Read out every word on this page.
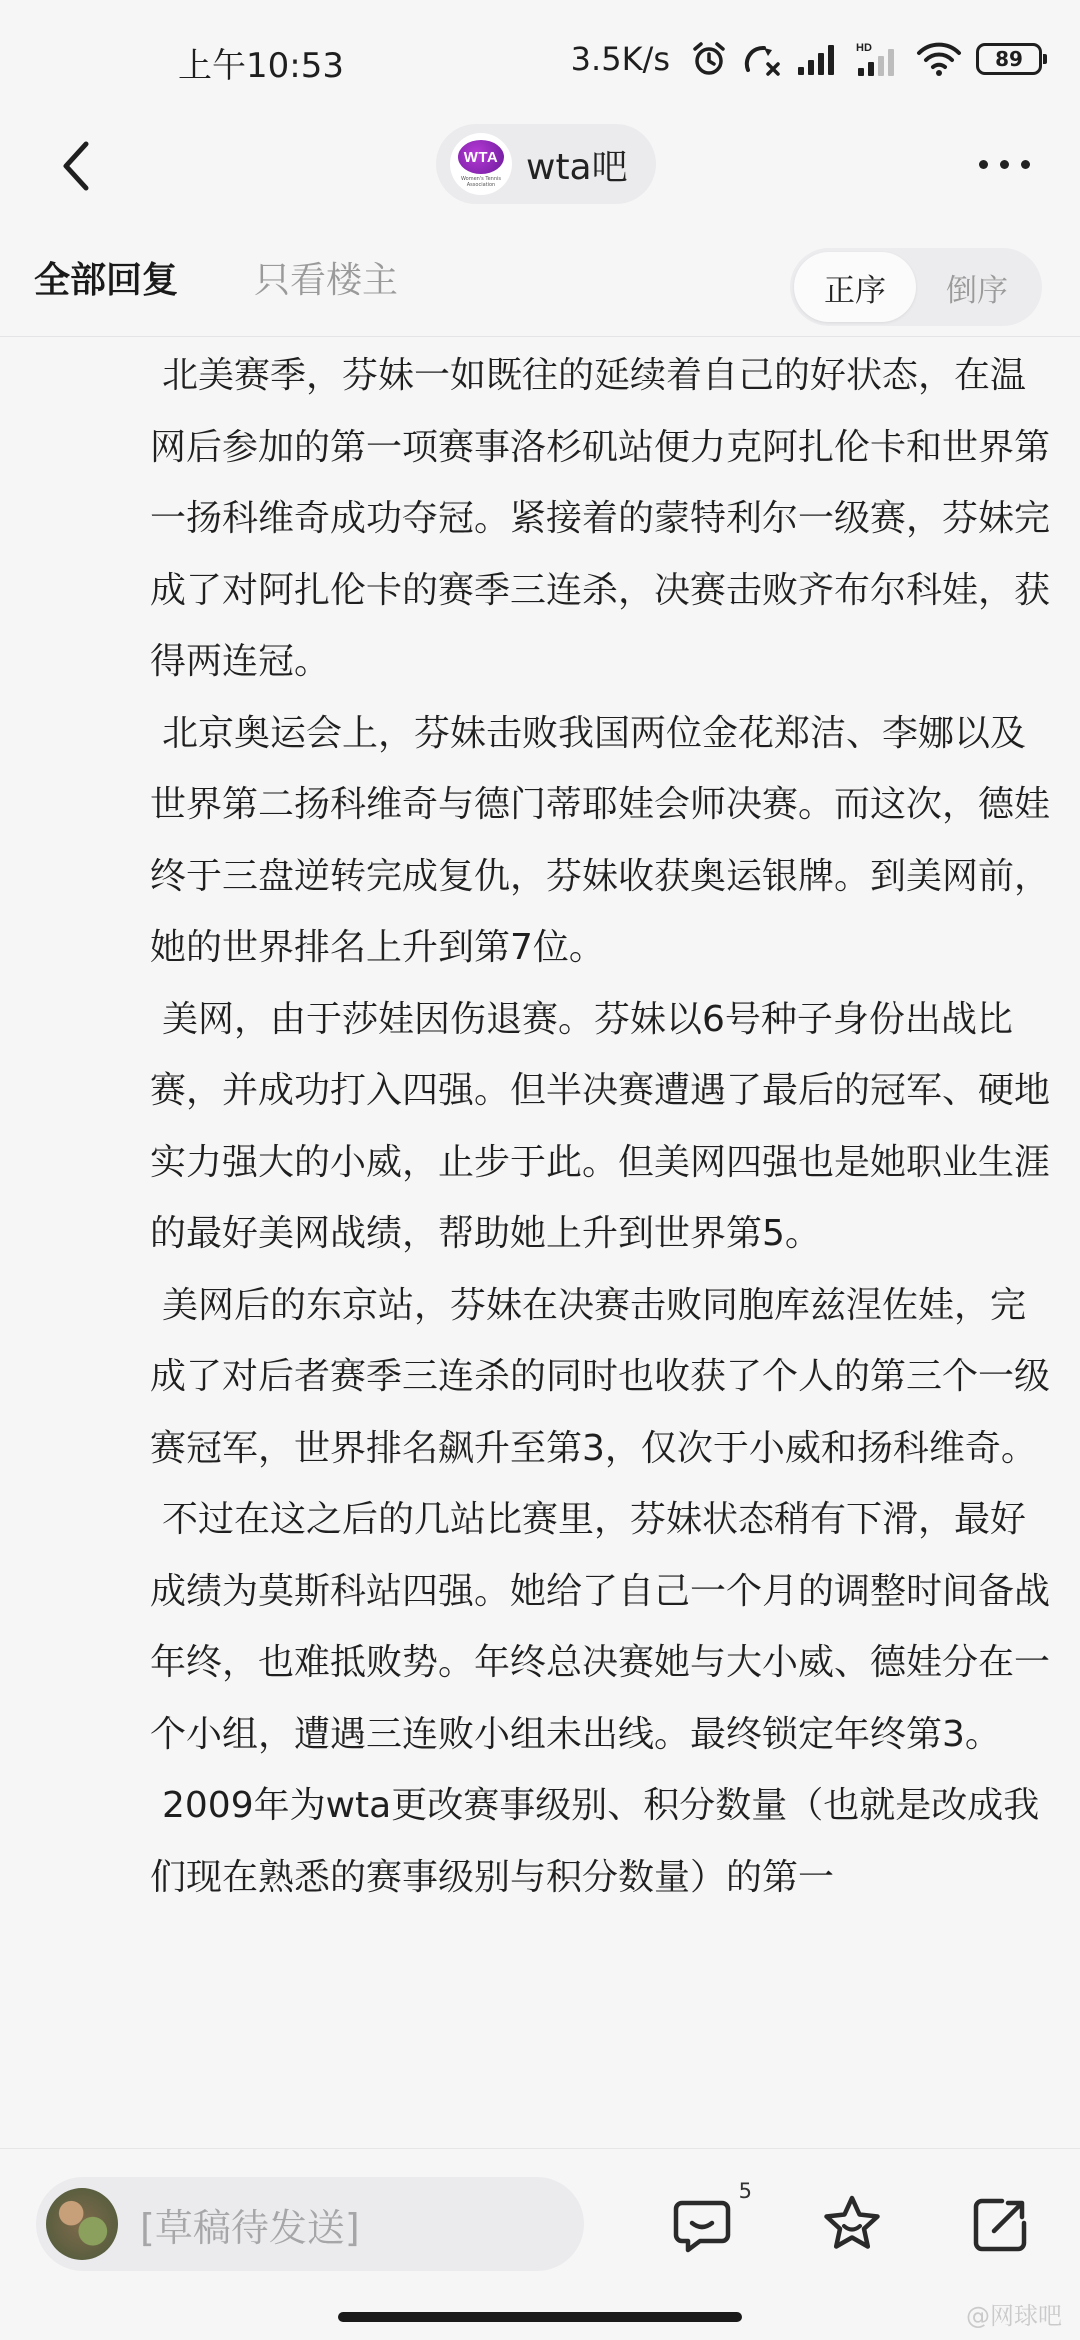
上午10:53	3.5K/s	HD	89
WTA
Women's Tennis Association wta吧
全部回复 只看楼主	正序	倒序

北美赛季，芬妹一如既往的延续着自己的好状态，在温网后参加的第一项赛事洛杉矶站便力克阿扎伦卡和世界第一扬科维奇成功夺冠。紧接着的蒙特利尔一级赛，芬妹完成了对阿扎伦卡的赛季三连杀，决赛击败齐布尔科娃，获得两连冠。

北京奥运会上，芬妹击败我国两位金花郑洁、李娜以及世界第二扬科维奇与德门蒂耶娃会师决赛。而这次，德娃终于三盘逆转完成复仇，芬妹收获奥运银牌。到美网前，她的世界排名上升到第7位。

美网，由于莎娃因伤退赛。芬妹以6号种子身份出战比赛，并成功打入四强。但半决赛遭遇了最后的冠军、硬地实力强大的小威，止步于此。但美网四强也是她职业生涯的最好美网战绩，帮助她上升到世界第5。

美网后的东京站，芬妹在决赛击败同胞库兹涅佐娃，完成了对后者赛季三连杀的同时也收获了个人的第三个一级赛冠军，世界排名飙升至第3，仅次于小威和扬科维奇。

不过在这之后的几站比赛里，芬妹状态稍有下滑，最好成绩为莫斯科站四强。她给了自己一个月的调整时间备战年终，也难抵败势。年终总决赛她与大小威、德娃分在一个小组，遭遇三连败小组未出线。最终锁定年终第3。

2009年为wta更改赛事级别、积分数量（也就是改成我们现在熟悉的赛事级别与积分数量）的第一

[草稿待发送]
5
@网球吧
